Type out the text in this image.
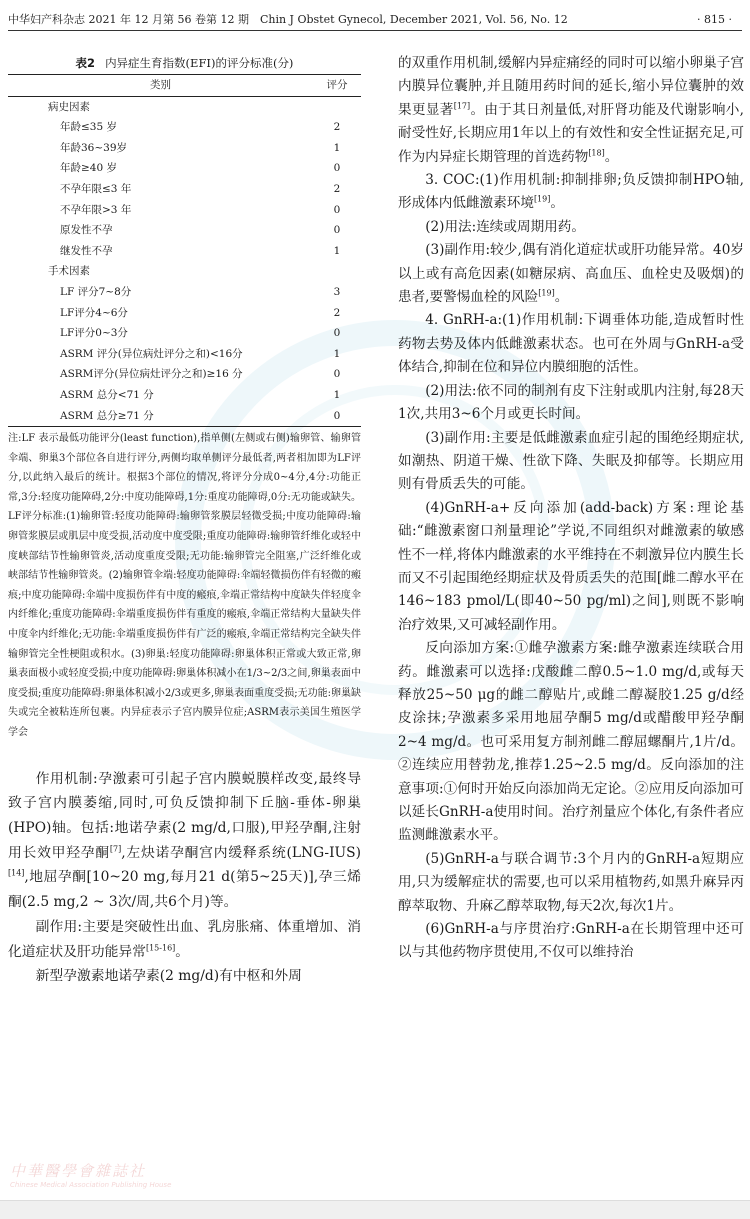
中华妇产科杂志 2021 年 12 月第 56 卷第 12 期　Chin J Obstet Gynecol, December 2021, Vol. 56, No. 12	· 815 ·
表2 内异症生育指数(EFI)的评分标准(分)
类别	评分
病史因素	
年龄≤35 岁	2
年龄36~39岁	1
年龄≥40 岁	0
不孕年限≤3 年	2
不孕年限>3 年	0
原发性不孕	0
继发性不孕	1
手术因素	
LF 评分7~8分	3
LF评分4~6分	2
LF评分0~3分	0
ASRM 评分(异位病灶评分之和)<16分	1
ASRM评分(异位病灶评分之和)≥16 分	0
ASRM 总分<71 分	1
ASRM 总分≥71 分	0
注:LF 表示最低功能评分(least function),指单侧(左侧或右侧)输卵管、输卵管伞端、卵巢3个部位各自进行评分,两侧均取单侧评分最低者,两者相加即为LF评分,以此纳入最后的统计。根据3个部位的情况,将评分分成0~4分,4分:功能正常,3分:轻度功能障碍,2分:中度功能障碍,1分:重度功能障碍,0分:无功能或缺失。LF评分标准:(1)输卵管:轻度功能障碍:输卵管浆膜层轻微受损;中度功能障碍:输卵管浆膜层或肌层中度受损,活动度中度受限;重度功能障碍:输卵管纤维化或轻中度峡部结节性输卵管炎,活动度重度受限;无功能:输卵管完全阻塞,广泛纤维化或峡部结节性输卵管炎。(2)输卵管伞端:轻度功能障碍:伞端轻微损伤伴有轻微的瘢痕;中度功能障碍:伞端中度损伤伴有中度的瘢痕,伞端正常结构中度缺失伴轻度伞内纤维化;重度功能障碍:伞端重度损伤伴有重度的瘢痕,伞端正常结构大量缺失伴中度伞内纤维化;无功能:伞端重度损伤伴有广泛的瘢痕,伞端正常结构完全缺失伴输卵管完全性梗阻或积水。(3)卵巢:轻度功能障碍:卵巢体积正常或大致正常,卵巢表面极小或轻度受损;中度功能障碍:卵巢体积减小在1/3~2/3之间,卵巢表面中度受损;重度功能障碍:卵巢体积减小2/3或更多,卵巢表面重度受损;无功能:卵巢缺失或完全被粘连所包裹。内异症表示子宫内膜异位症;ASRM表示美国生殖医学学会

作用机制:孕激素可引起子宫内膜蜕膜样改变,最终导致子宫内膜萎缩,同时,可负反馈抑制下丘脑-垂体-卵巢(HPO)轴。包括:地诺孕素(2 mg/d,口服),甲羟孕酮,注射用长效甲羟孕酮[7],左炔诺孕酮宫内缓释系统(LNG-IUS)[14],地屈孕酮[10~20 mg,每月21 d(第5~25天)],孕三烯酮(2.5 mg,2 ~ 3次/周,共6个月)等。

副作用:主要是突破性出血、乳房胀痛、体重增加、消化道症状及肝功能异常[15-16]。

新型孕激素地诺孕素(2 mg/d)有中枢和外周

的双重作用机制,缓解内异症痛经的同时可以缩小卵巢子宫内膜异位囊肿,并且随用药时间的延长,缩小异位囊肿的效果更显著[17]。由于其日剂量低,对肝肾功能及代谢影响小,耐受性好,长期应用1年以上的有效性和安全性证据充足,可作为内异症长期管理的首选药物[18]。

3. COC:(1)作用机制:抑制排卵;负反馈抑制HPO轴,形成体内低雌激素环境[19]。

(2)用法:连续或周期用药。

(3)副作用:较少,偶有消化道症状或肝功能异常。40岁以上或有高危因素(如糖尿病、高血压、血栓史及吸烟)的患者,要警惕血栓的风险[19]。

4. GnRH-a:(1)作用机制:下调垂体功能,造成暂时性药物去势及体内低雌激素状态。也可在外周与GnRH-a受体结合,抑制在位和异位内膜细胞的活性。

(2)用法:依不同的制剂有皮下注射或肌内注射,每28天1次,共用3~6个月或更长时间。

(3)副作用:主要是低雌激素血症引起的围绝经期症状,如潮热、阴道干燥、性欲下降、失眠及抑郁等。长期应用则有骨质丢失的可能。

(4)GnRH-a+反向添加(add-back)方案:理论基础:“雌激素窗口剂量理论”学说,不同组织对雌激素的敏感性不一样,将体内雌激素的水平维持在不刺激异位内膜生长而又不引起围绝经期症状及骨质丢失的范围[雌二醇水平在146~183 pmol/L(即40~50 pg/ml)之间],则既不影响治疗效果,又可减轻副作用。

反向添加方案:①雌孕激素方案:雌孕激素连续联合用药。雌激素可以选择:戊酸雌二醇0.5~1.0 mg/d,或每天释放25~50 μg的雌二醇贴片,或雌二醇凝胶1.25 g/d经皮涂抹;孕激素多采用地屈孕酮5 mg/d或醋酸甲羟孕酮2~4 mg/d。也可采用复方制剂雌二醇屈螺酮片,1片/d。②连续应用替勃龙,推荐1.25~2.5 mg/d。反向添加的注意事项:①何时开始反向添加尚无定论。②应用反向添加可以延长GnRH-a使用时间。治疗剂量应个体化,有条件者应监测雌激素水平。

(5)GnRH-a与联合调节:3个月内的GnRH-a短期应用,只为缓解症状的需要,也可以采用植物药,如黑升麻异丙醇萃取物、升麻乙醇萃取物,每天2次,每次1片。

(6)GnRH-a与序贯治疗:GnRH-a在长期管理中还可以与其他药物序贯使用,不仅可以维持治

中華醫學會雜誌社
Chinese Medical Association Publishing House
